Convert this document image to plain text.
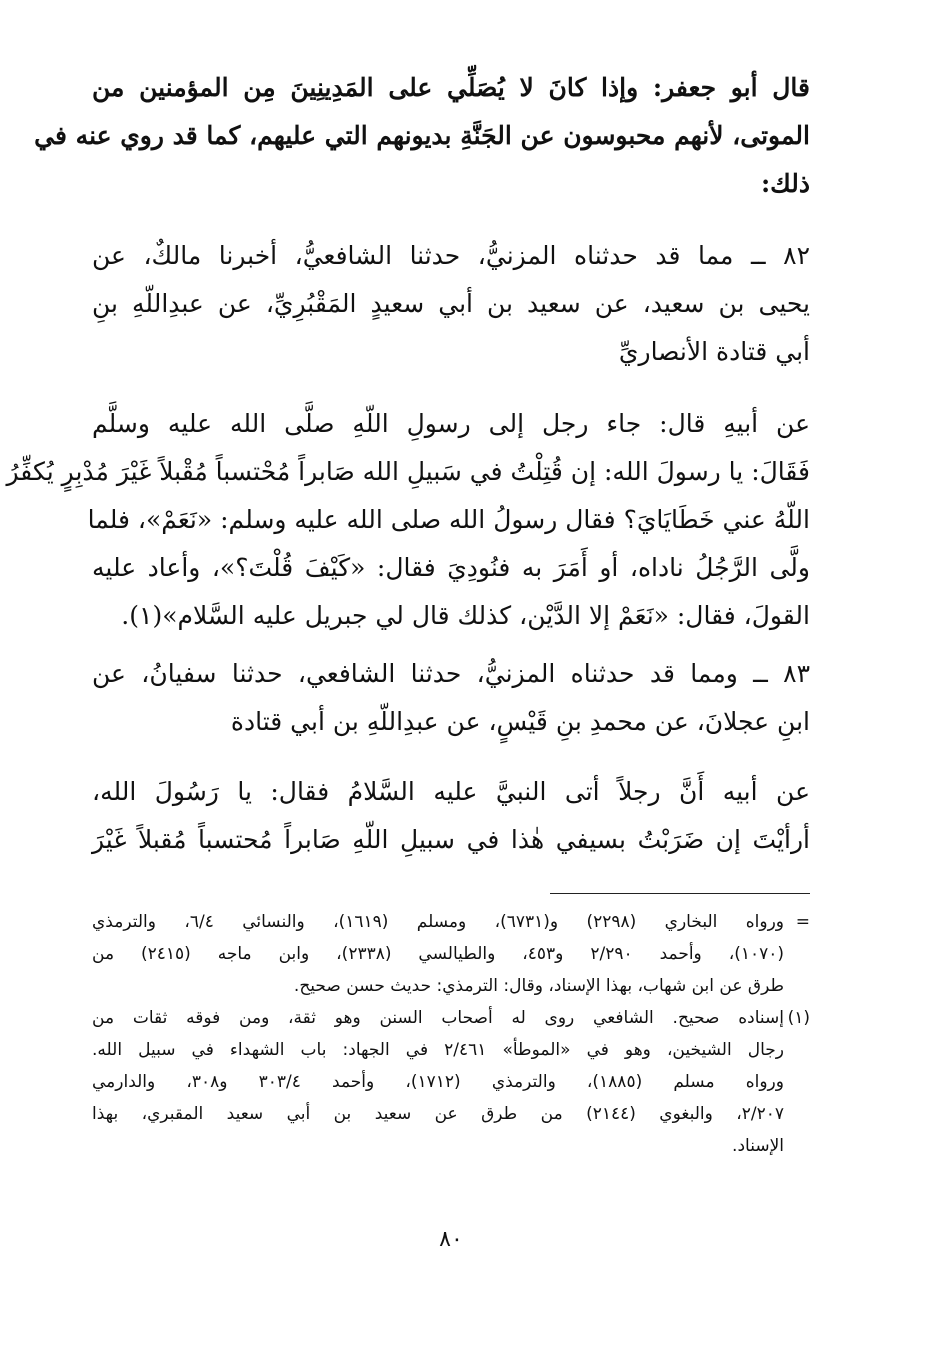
قال أبو جعفر: وإذا كانَ لا يُصَلِّي على المَدِينِينَ مِن المؤمنين من
الموتى، لأنهم محبوسون عن الجَنَّةِ بديونهم التي عليهم، كما قد روي عنه في
ذلك:

٨٢ ــ مما قد حدثناه المزنيُّ، حدثنا الشافعيُّ، أخبرنا مالكٌ، عن
يحيى بن سعيد، عن سعيد بن أبي سعيدٍ المَقْبُرِيِّ، عن عبدِاللّهِ بنِ
أبي قتادة الأنصاريِّ

عن أبيهِ قال: جاء رجل إلى رسولِ اللّهِ صلَّى الله عليه وسلَّم
فَقَالَ: يا رسولَ الله: إن قُتِلْتُ في سَبيلِ الله صَابراً مُحْتسباً مُقْبلاً غَيْرَ مُدْبِرٍ يُكفِّرُ
اللّهُ عني خَطَايَايَ؟ فقال رسولُ الله صلى الله عليه وسلم: «نَعَمْ»، فلما
ولَّى الرَّجُلُ ناداه، أو أَمَرَ به فنُودِيَ فقال: «كَيْفَ قُلْتَ؟»، وأعاد عليه
القولَ، فقال: «نَعَمْ إلا الدَّيْن، كذلك قال لي جبريل عليه السَّلام»(١).

٨٣ ــ ومما قد حدثناه المزنيُّ، حدثنا الشافعي، حدثنا سفيانُ، عن
ابنِ عجلانَ، عن محمدِ بنِ قَيْسٍ، عن عبدِاللّهِ بن أبي قتادة

عن أبيه أَنَّ رجلاً أتى النبيَّ عليه السَّلامُ فقال: يا رَسُولَ الله،
أرأيْتَ إن ضَرَبْتُ بسيفي هٰذا في سبيلِ اللّهِ صَابراً مُحتسباً مُقبلاً غَيْرَ

=ورواه البخاري (٢٢٩٨) و(٦٧٣١)، ومسلم (١٦١٩)، والنسائي ٦/٤، والترمذي
(١٠٧٠)، وأحمد ٢/٢٩٠ و٤٥٣، والطيالسي (٢٣٣٨)، وابن ماجه (٢٤١٥) من
طرق عن ابن شهاب، بهذا الإسناد، وقال: الترمذي: حديث حسن صحيح.
(١)إسناده صحيح. الشافعي روى له أصحاب السنن وهو ثقة، ومن فوقه ثقات من
رجال الشيخين، وهو في «الموطأ» ٢/٤٦١ في الجهاد: باب الشهداء في سبيل الله.
ورواه مسلم (١٨٨٥)، والترمذي (١٧١٢)، وأحمد ٣٠٣/٤ و٣٠٨، والدارمي
٢/٢٠٧، والبغوي (٢١٤٤) من طرق عن سعيد بن أبي سعيد المقبري، بهذا
الإسناد.
٨٠
